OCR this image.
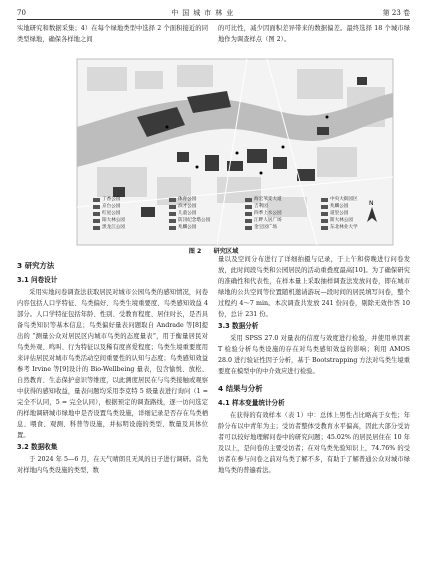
70	中国城市林业	第 23 卷

实地研究和数据采集；4）在每个绿地类型中选择 2 个面积接近的同类型绿地，确保各样地之间

的可比性，减少因面积差异带来的数据偏差。最终选择 18 个城市绿地作为调查样点（图 2）。

N
丁香公园	体育公园	海宏苇支大道	中央大街园区
京台公园	滨才公园	吉利园	兆麟公园
红星公园	儿童公园	四季上水公园	道里公园
阳大林公园	防汛纪念塔公园	江畔人居广场	斯大林公园
黑龙江公园	兆麟公园	金宝园广场	东北林业大学
图 2 研究区域
3 研究方法
3.1 问卷设计

采用实地问卷调查法获取居民对城市公园鸟类的感知情况，问卷内容包括人口学特征、鸟类偏好、鸟类生境重要度、鸟类感知效益 4 部分。人口学特征包括年龄、性别、受教育程度、居住时长，是否具备鸟类知识等基本信息；鸟类偏好量表问题取自 Andrade 等[8]提出的 “测量公众对居民区内城市鸟类的态度量表”，用于衡量居民对鸟类外观、鸣叫、行为特征以及稀有度喜爱程度；鸟类生境重要度用来评估居民对城市鸟类活动空间重要性的认知与态度；鸟类感知效益参考 Irvine 等[9]设计的 Bio-Wellbeing 量表，包含愉悦、放松、自然教育、生态保护意识等维度，以此测度居民在与鸟类接触或观察中获得的感知收益，量表问题均采用李克特 5 级量表进行询问（1 = 完全不认同，5 = 完全认同），根据预定的调查路线，逐一访问选定的样地调研城市绿地中是否设置鸟类设施，详细记录是否存在鸟类栖息、喂食、观测、科普等设施，并标明设施的类型、数量及具体位置。

3.2 数据收集

于 2024 年 5—6 月，在天气晴朗且无风的日子进行调研。首先对样地内鸟类设施的类型、数

量以及空间分布进行了详细拍摄与记录，于上午和傍晚进行问卷发放，此时间段鸟类和公园居民的活动重叠度最高[10]。为了确保研究的准确性和代表性，在样本量上采取抽样调查法发放问卷，即在城市绿地的公共空间等位置随机邀请游玩—段时间的居民填写问卷，整个过程约 4～7 min。本次调查共发放 241 份问卷，剔除无效作答 10 份，总计 231 份。

3.3 数据分析

采用 SPSS 27.0 对量表的信度与效度进行检验，并使用单因素 T 检验分析鸟类设施的存在对鸟类感知效益的影响；利用 AMOS 28.0 进行验证性因子分析，基于 Bootstrapping 方法对鸟类生境重要度在模型中的中介效应进行检验。

4 结果与分析
4.1 样本变量统计分析

在获得的有效样本（表 1）中：总体上男性占比略高于女性；年龄分布以中青年为主；受访者整体受教育水平偏高，因此大部分受访者可以较好地理解问卷中的研究问题；45.02% 的居民居住在 10 年及以上，是问卷的主要受访者；在对鸟类先验知识上，74.76% 的受访者在参与问卷之前对鸟类了解不多，有助于了解普通公众对城市绿地鸟类的普遍看法。
